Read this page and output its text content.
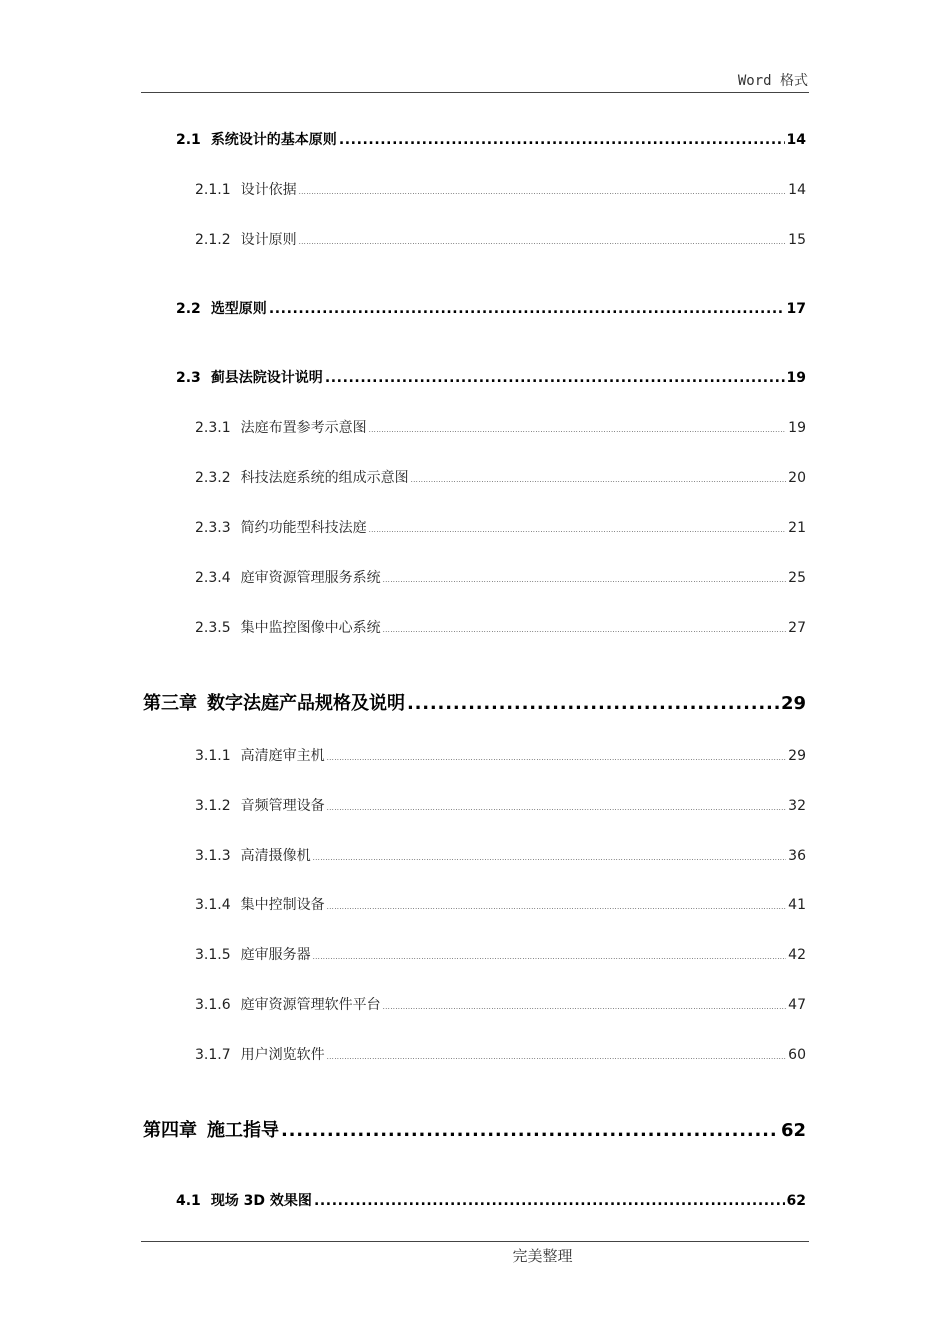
Word 格式
2.1 系统设计的基本原则 .....	14
2.1.1 设计依据 .....	14
2.1.2 设计原则 .....	15
2.2 选型原则 .....	17
2.3 蓟县法院设计说明 .....	19
2.3.1 法庭布置参考示意图 .....	19
2.3.2 科技法庭系统的组成示意图 .....	20
2.3.3 简约功能型科技法庭 .....	21
2.3.4 庭审资源管理服务系统 .....	25
2.3.5 集中监控图像中心系统 .....	27
第三章 数字法庭产品规格及说明 .....	29
3.1.1 高清庭审主机 .....	29
3.1.2 音频管理设备 .....	32
3.1.3 高清摄像机 .....	36
3.1.4 集中控制设备 .....	41
3.1.5 庭审服务器 .....	42
3.1.6 庭审资源管理软件平台 .....	47
3.1.7 用户浏览软件 .....	60
第四章 施工指导 .....	62
4.1 现场 3D 效果图 .....	62
完美整理
